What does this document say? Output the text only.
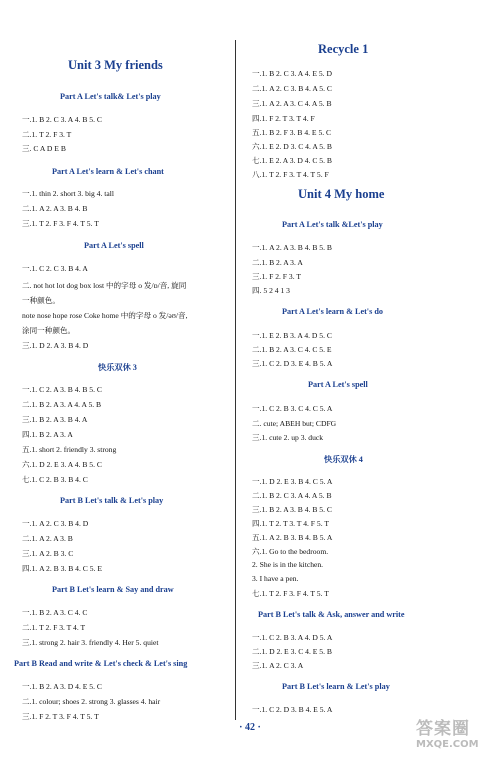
Unit 3 My friends
Part A Let's talk& Let's play
一.1. B 2. C 3. A 4. B 5. C
二.1. T 2. F 3. T
三. C A D E B
Part A Let's learn & Let's chant
一.1. thin 2. short 3. big 4. tall
二.1. A 2. A 3. B 4. B
三.1. T 2. F 3. F 4. T 5. T
Part A Let's spell
一.1. C 2. C 3. B 4. A
二. not hot lot dog box lost 中的字母 o 发/ɒ/音, 旋同
一种颜色。
note nose hope rose Coke home 中的字母 o 发/əʊ/音,
涂同一种颜色。
三.1. D 2. A 3. B 4. D
快乐双休 3
一.1. C 2. A 3. B 4. B 5. C
二.1. B 2. A 3. A 4. A 5. B
三.1. B 2. A 3. B 4. A
四.1. B 2. A 3. A
五.1. short 2. friendly 3. strong
六.1. D 2. E 3. A 4. B 5. C
七.1. C 2. B 3. B 4. C
Part B Let's talk & Let's play
一.1. A 2. C 3. B 4. D
二.1. A 2. A 3. B
三.1. A 2. B 3. C
四.1. A 2. B 3. B 4. C 5. E
Part B Let's learn & Say and draw
一.1. B 2. A 3. C 4. C
二.1. T 2. F 3. T 4. T
三.1. strong 2. hair 3. friendly 4. Her 5. quiet
Part B Read and write & Let's check & Let's sing
一.1. B 2. A 3. D 4. E 5. C
二.1. colour; shoes 2. strong 3. glasses 4. hair
三.1. F 2. T 3. F 4. T 5. T
Recycle 1
一.1. B 2. C 3. A 4. E 5. D
二.1. A 2. C 3. B 4. A 5. C
三.1. A 2. A 3. C 4. A 5. B
四.1. F 2. T 3. T 4. F
五.1. B 2. F 3. B 4. E 5. C
六.1. E 2. D 3. C 4. A 5. B
七.1. E 2. A 3. D 4. C 5. B
八.1. T 2. F 3. T 4. T 5. F
Unit 4 My home
Part A Let's talk &Let's play
一.1. A 2. A 3. B 4. B 5. B
二.1. B 2. A 3. A
三.1. F 2. F 3. T
四. 5 2 4 1 3
Part A Let's learn & Let's do
一.1. E 2. B 3. A 4. D 5. C
二.1. B 2. A 3. C 4. C 5. E
三.1. C 2. D 3. E 4. B 5. A
Part A Let's spell
一.1. C 2. B 3. C 4. C 5. A
二. cute; ABEH but; CDFG
三.1. cute 2. up 3. duck
快乐双休 4
一.1. D 2. E 3. B 4. C 5. A
二.1. B 2. C 3. A 4. A 5. B
三.1. B 2. A 3. B 4. B 5. C
四.1. T 2. T 3. T 4. F 5. T
五.1. A 2. B 3. B 4. B 5. A
六.1. Go to the bedroom.
2. She is in the kitchen.
3. I have a pen.
七.1. T 2. F 3. F 4. T 5. T
Part B Let's talk & Ask, answer and write
一.1. C 2. B 3. A 4. D 5. A
二.1. D 2. E 3. C 4. E 5. B
三.1. A 2. C 3. A
Part B Let's learn & Let's play
一.1. C 2. D 3. B 4. E 5. A
· 42 ·	答案圈
MXQE.COM
